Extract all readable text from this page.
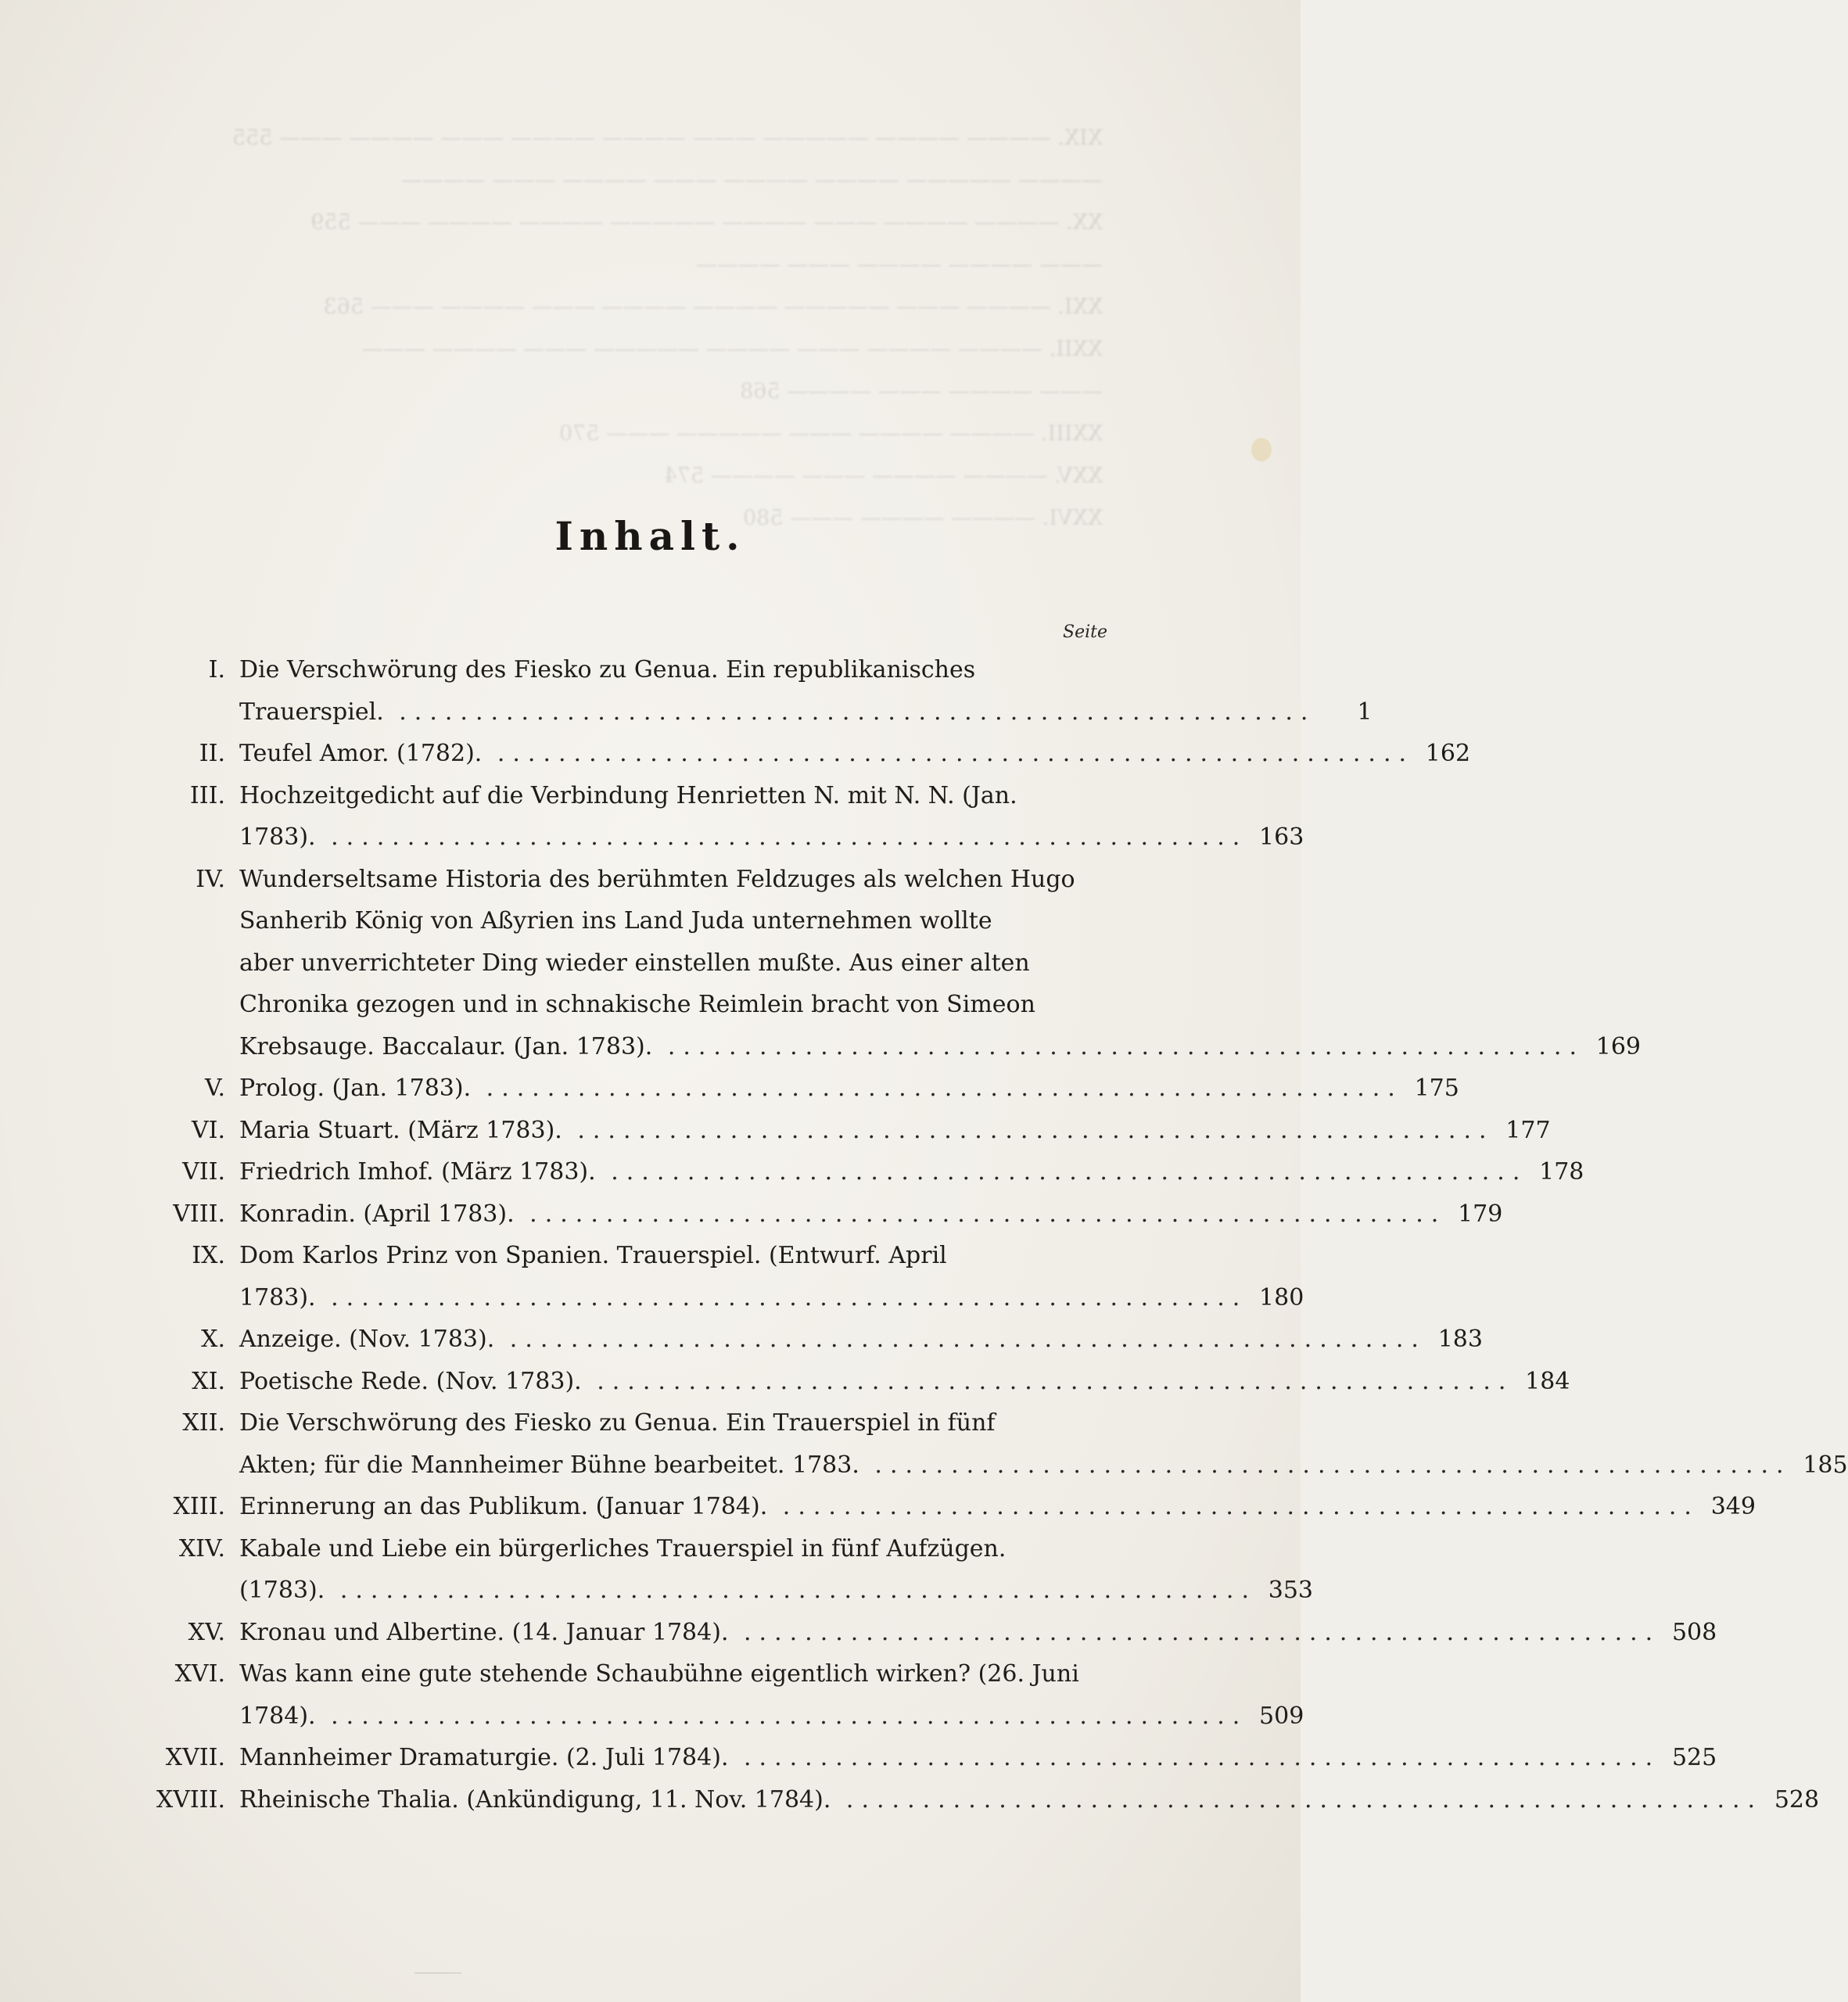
XIX. ———— ———— ————— ——— ———— ———— ——— ———— ——— 555
———— ————— ———— ———— ——— ———— ——— ————
XX. ———— ———— ——— ———— ————— ———— ———— ——— 559
——— ———— ———— ——— ————
XXI. ———— ——— ————— ———— ———— ——— ———— ——— 563
XXII. ———— ———— ——— ———— ————— ——— ———— ———
——— ———— ——— ———— 568
XXIII. ———— ———— ——— ————— ——— 570
XXV. ———— ———— ——— ———— 574
XXVI. ———— ———— ——— 580
Inhalt.
Seite
I. Die Verschwörung des Fiesko zu Genua. Ein republikanisches
Trauerspiel. ............................................................	1
II. Teufel Amor. (1782). ............................................................ 162
III. Hochzeitgedicht auf die Verbindung Henrietten N. mit N. N. (Jan.
1783). ............................................................ 163
IV. Wunderseltsame Historia des berühmten Feldzuges als welchen Hugo
Sanherib König von Aßyrien ins Land Juda unternehmen wollte
aber unverrichteter Ding wieder einstellen mußte. Aus einer alten
Chronika gezogen und in schnakische Reimlein bracht von Simeon
Krebsauge. Baccalaur. (Jan. 1783). ............................................................ 169
V. Prolog. (Jan. 1783). ............................................................ 175
VI. Maria Stuart. (März 1783). ............................................................ 177
VII. Friedrich Imhof. (März 1783). ............................................................ 178
VIII. Konradin. (April 1783). ............................................................ 179
IX. Dom Karlos Prinz von Spanien. Trauerspiel. (Entwurf. April
1783). ............................................................ 180
X. Anzeige. (Nov. 1783). ............................................................ 183
XI. Poetische Rede. (Nov. 1783). ............................................................ 184
XII. Die Verschwörung des Fiesko zu Genua. Ein Trauerspiel in fünf
Akten; für die Mannheimer Bühne bearbeitet. 1783. ............................................................ 185
XIII. Erinnerung an das Publikum. (Januar 1784). ............................................................ 349
XIV. Kabale und Liebe ein bürgerliches Trauerspiel in fünf Aufzügen.
(1783). ............................................................ 353
XV. Kronau und Albertine. (14. Januar 1784). ............................................................ 508
XVI. Was kann eine gute stehende Schaubühne eigentlich wirken? (26. Juni
1784). ............................................................ 509
XVII. Mannheimer Dramaturgie. (2. Juli 1784). ............................................................ 525
XVIII. Rheinische Thalia. (Ankündigung, 11. Nov. 1784). ............................................................ 528
